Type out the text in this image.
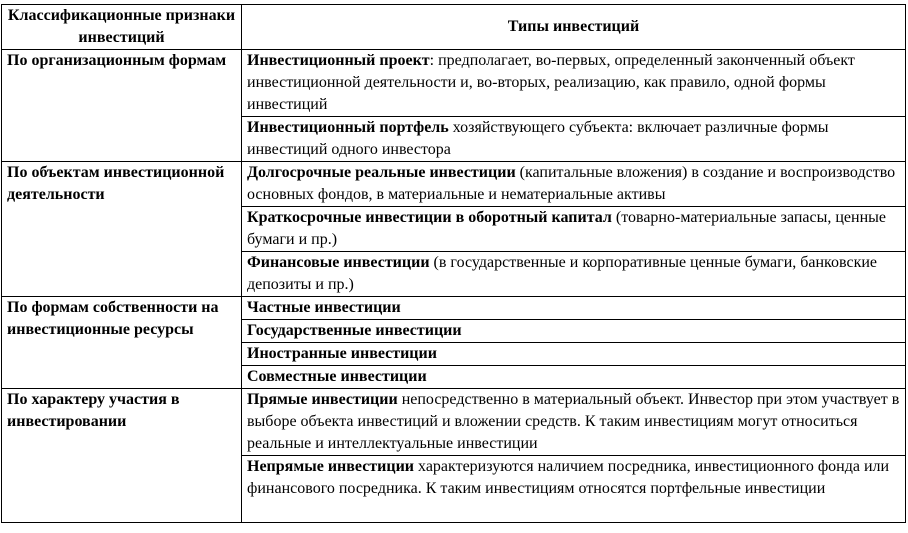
Классификационные признаки инвестиций	Типы инвестиций
По организационным формам	Инвестиционный проект: предполагает, во-первых, определенный законченный объект инвестиционной деятельности и, во-вторых, реализацию, как правило, одной формы инвестиций
	Инвестиционный портфель хозяйствующего субъекта: включает различные формы инвестиций одного инвестора
По объектам инвестиционной деятельности	Долгосрочные реальные инвестиции (капитальные вложения) в создание и воспроизводство основных фондов, в материальные и нематериальные активы
	Краткосрочные инвестиции в оборотный капитал (товарно-материальные запасы, ценные бумаги и пр.)
	Финансовые инвестиции (в государственные и корпоративные ценные бумаги, банковские депозиты и пр.)
По формам собственности на инвестиционные ресурсы	Частные инвестиции
	Государственные инвестиции
	Иностранные инвестиции
	Совместные инвестиции
По характеру участия в инвестировании	Прямые инвестиции непосредственно в материальный объект. Инвестор при этом участвует в выборе объекта инвестиций и вложении средств. К таким инвестициям могут относиться реальные и интеллектуальные инвестиции
	Непрямые инвестиции характеризуются наличием посредника, инвестиционного фонда или финансового посредника. К таким инвестициям относятся портфельные инвестиции
